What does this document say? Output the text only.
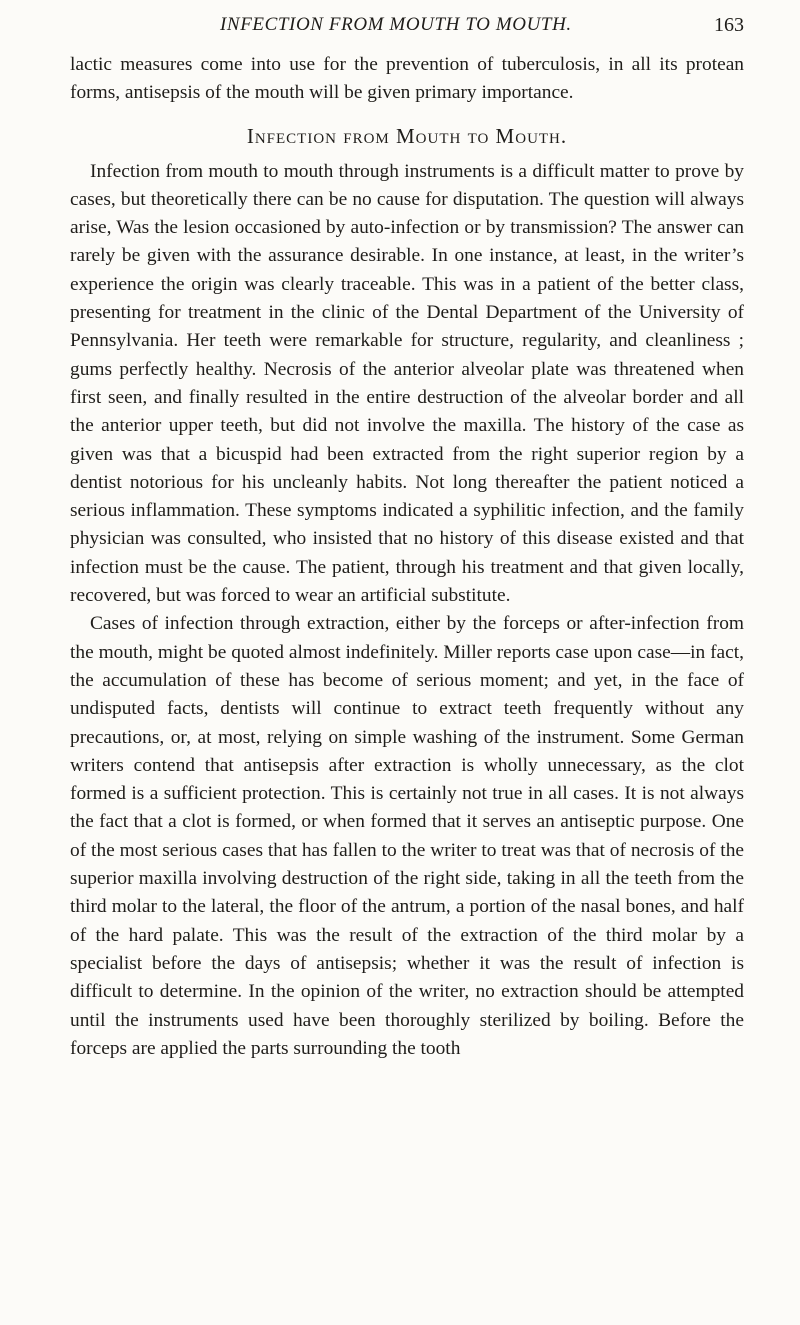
INFECTION FROM MOUTH TO MOUTH.	163

lactic measures come into use for the prevention of tuberculosis, in all its protean forms, antisepsis of the mouth will be given primary importance.

Infection from Mouth to Mouth.

Infection from mouth to mouth through instruments is a difficult matter to prove by cases, but theoretically there can be no cause for disputation. The question will always arise, Was the lesion occasioned by auto-infection or by transmission? The answer can rarely be given with the assurance desirable. In one instance, at least, in the writer’s experience the origin was clearly traceable. This was in a patient of the better class, presenting for treatment in the clinic of the Dental Department of the University of Pennsylvania. Her teeth were remarkable for structure, regularity, and cleanliness ; gums perfectly healthy. Necrosis of the anterior alveolar plate was threatened when first seen, and finally resulted in the entire destruction of the alveolar border and all the anterior upper teeth, but did not involve the maxilla. The history of the case as given was that a bicuspid had been extracted from the right superior region by a dentist notorious for his uncleanly habits. Not long thereafter the patient noticed a serious inflammation. These symptoms indicated a syphilitic infection, and the family physician was consulted, who insisted that no history of this disease existed and that infection must be the cause. The patient, through his treatment and that given locally, recovered, but was forced to wear an artificial substitute.

Cases of infection through extraction, either by the forceps or after-infection from the mouth, might be quoted almost indefinitely. Miller reports case upon case—in fact, the accumulation of these has become of serious moment; and yet, in the face of undisputed facts, dentists will continue to extract teeth frequently without any precautions, or, at most, relying on simple washing of the instrument. Some German writers contend that antisepsis after extraction is wholly unnecessary, as the clot formed is a sufficient protection. This is certainly not true in all cases. It is not always the fact that a clot is formed, or when formed that it serves an antiseptic purpose. One of the most serious cases that has fallen to the writer to treat was that of necrosis of the superior maxilla involving destruction of the right side, taking in all the teeth from the third molar to the lateral, the floor of the antrum, a portion of the nasal bones, and half of the hard palate. This was the result of the extraction of the third molar by a specialist before the days of antisepsis; whether it was the result of infection is difficult to determine. In the opinion of the writer, no extraction should be attempted until the instruments used have been thoroughly sterilized by boiling. Before the forceps are applied the parts surrounding the tooth
